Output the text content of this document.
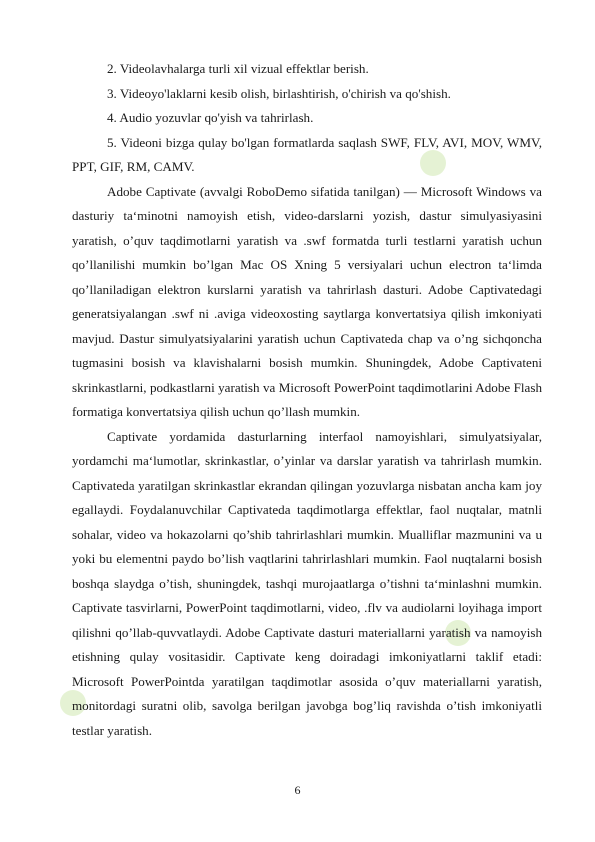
2. Videolavhalarga turli xil vizual effektlar berish.

3. Videoyo'laklarni kesib olish, birlashtirish, o'chirish va qo'shish.

4. Audio yozuvlar qo'yish va tahrirlash.

5. Videoni bizga qulay bo'lgan formatlarda saqlash SWF, FLV, AVI, MOV, WMV, PPT, GIF, RM, CAMV.

Adobe Captivate (avvalgi RoboDemo sifatida tanilgan) — Microsoft Windows va dasturiy ta‘minotni namoyish etish, video-darslarni yozish, dastur simulyasiyasini yaratish, o’quv taqdimotlarni yaratish va .swf formatda turli testlarni yaratish uchun qo’llanilishi mumkin bo’lgan Mac OS Xning 5 versiyalari uchun electron ta‘limda qo’llaniladigan elektron kurslarni yaratish va tahrirlash dasturi. Adobe Captivatedagi generatsiyalangan .swf ni .aviga videoxosting saytlarga konvertatsiya qilish imkoniyati mavjud. Dastur simulyatsiyalarini yaratish uchun Captivateda chap va o’ng sichqoncha tugmasini bosish va klavishalarni bosish mumkin. Shuningdek, Adobe Captivateni skrinkastlarni, podkastlarni yaratish va Microsoft PowerPoint taqdimotlarini Adobe Flash formatiga konvertatsiya qilish uchun qo’llash mumkin.

Captivate yordamida dasturlarning interfaol namoyishlari, simulyatsiyalar, yordamchi ma‘lumotlar, skrinkastlar, o’yinlar va darslar yaratish va tahrirlash mumkin. Captivateda yaratilgan skrinkastlar ekrandan qilingan yozuvlarga nisbatan ancha kam joy egallaydi. Foydalanuvchilar Captivateda taqdimotlarga effektlar, faol nuqtalar, matnli sohalar, video va hokazolarni qo’shib tahrirlashlari mumkin. Mualliflar mazmunini va u yoki bu elementni paydo bo’lish vaqtlarini tahrirlashlari mumkin. Faol nuqtalarni bosish boshqa slaydga o’tish, shuningdek, tashqi murojaatlarga o’tishni ta‘minlashni mumkin. Captivate tasvirlarni, PowerPoint taqdimotlarni, video, .flv va audiolarni loyihaga import qilishni qo’llab-quvvatlaydi. Adobe Captivate dasturi materiallarni yaratish va namoyish etishning qulay vositasidir. Captivate keng doiradagi imkoniyatlarni taklif etadi: Microsoft PowerPointda yaratilgan taqdimotlar asosida o’quv materiallarni yaratish, monitordagi suratni olib, savolga berilgan javobga bog’liq ravishda o’tish imkoniyatli testlar yaratish.

6
